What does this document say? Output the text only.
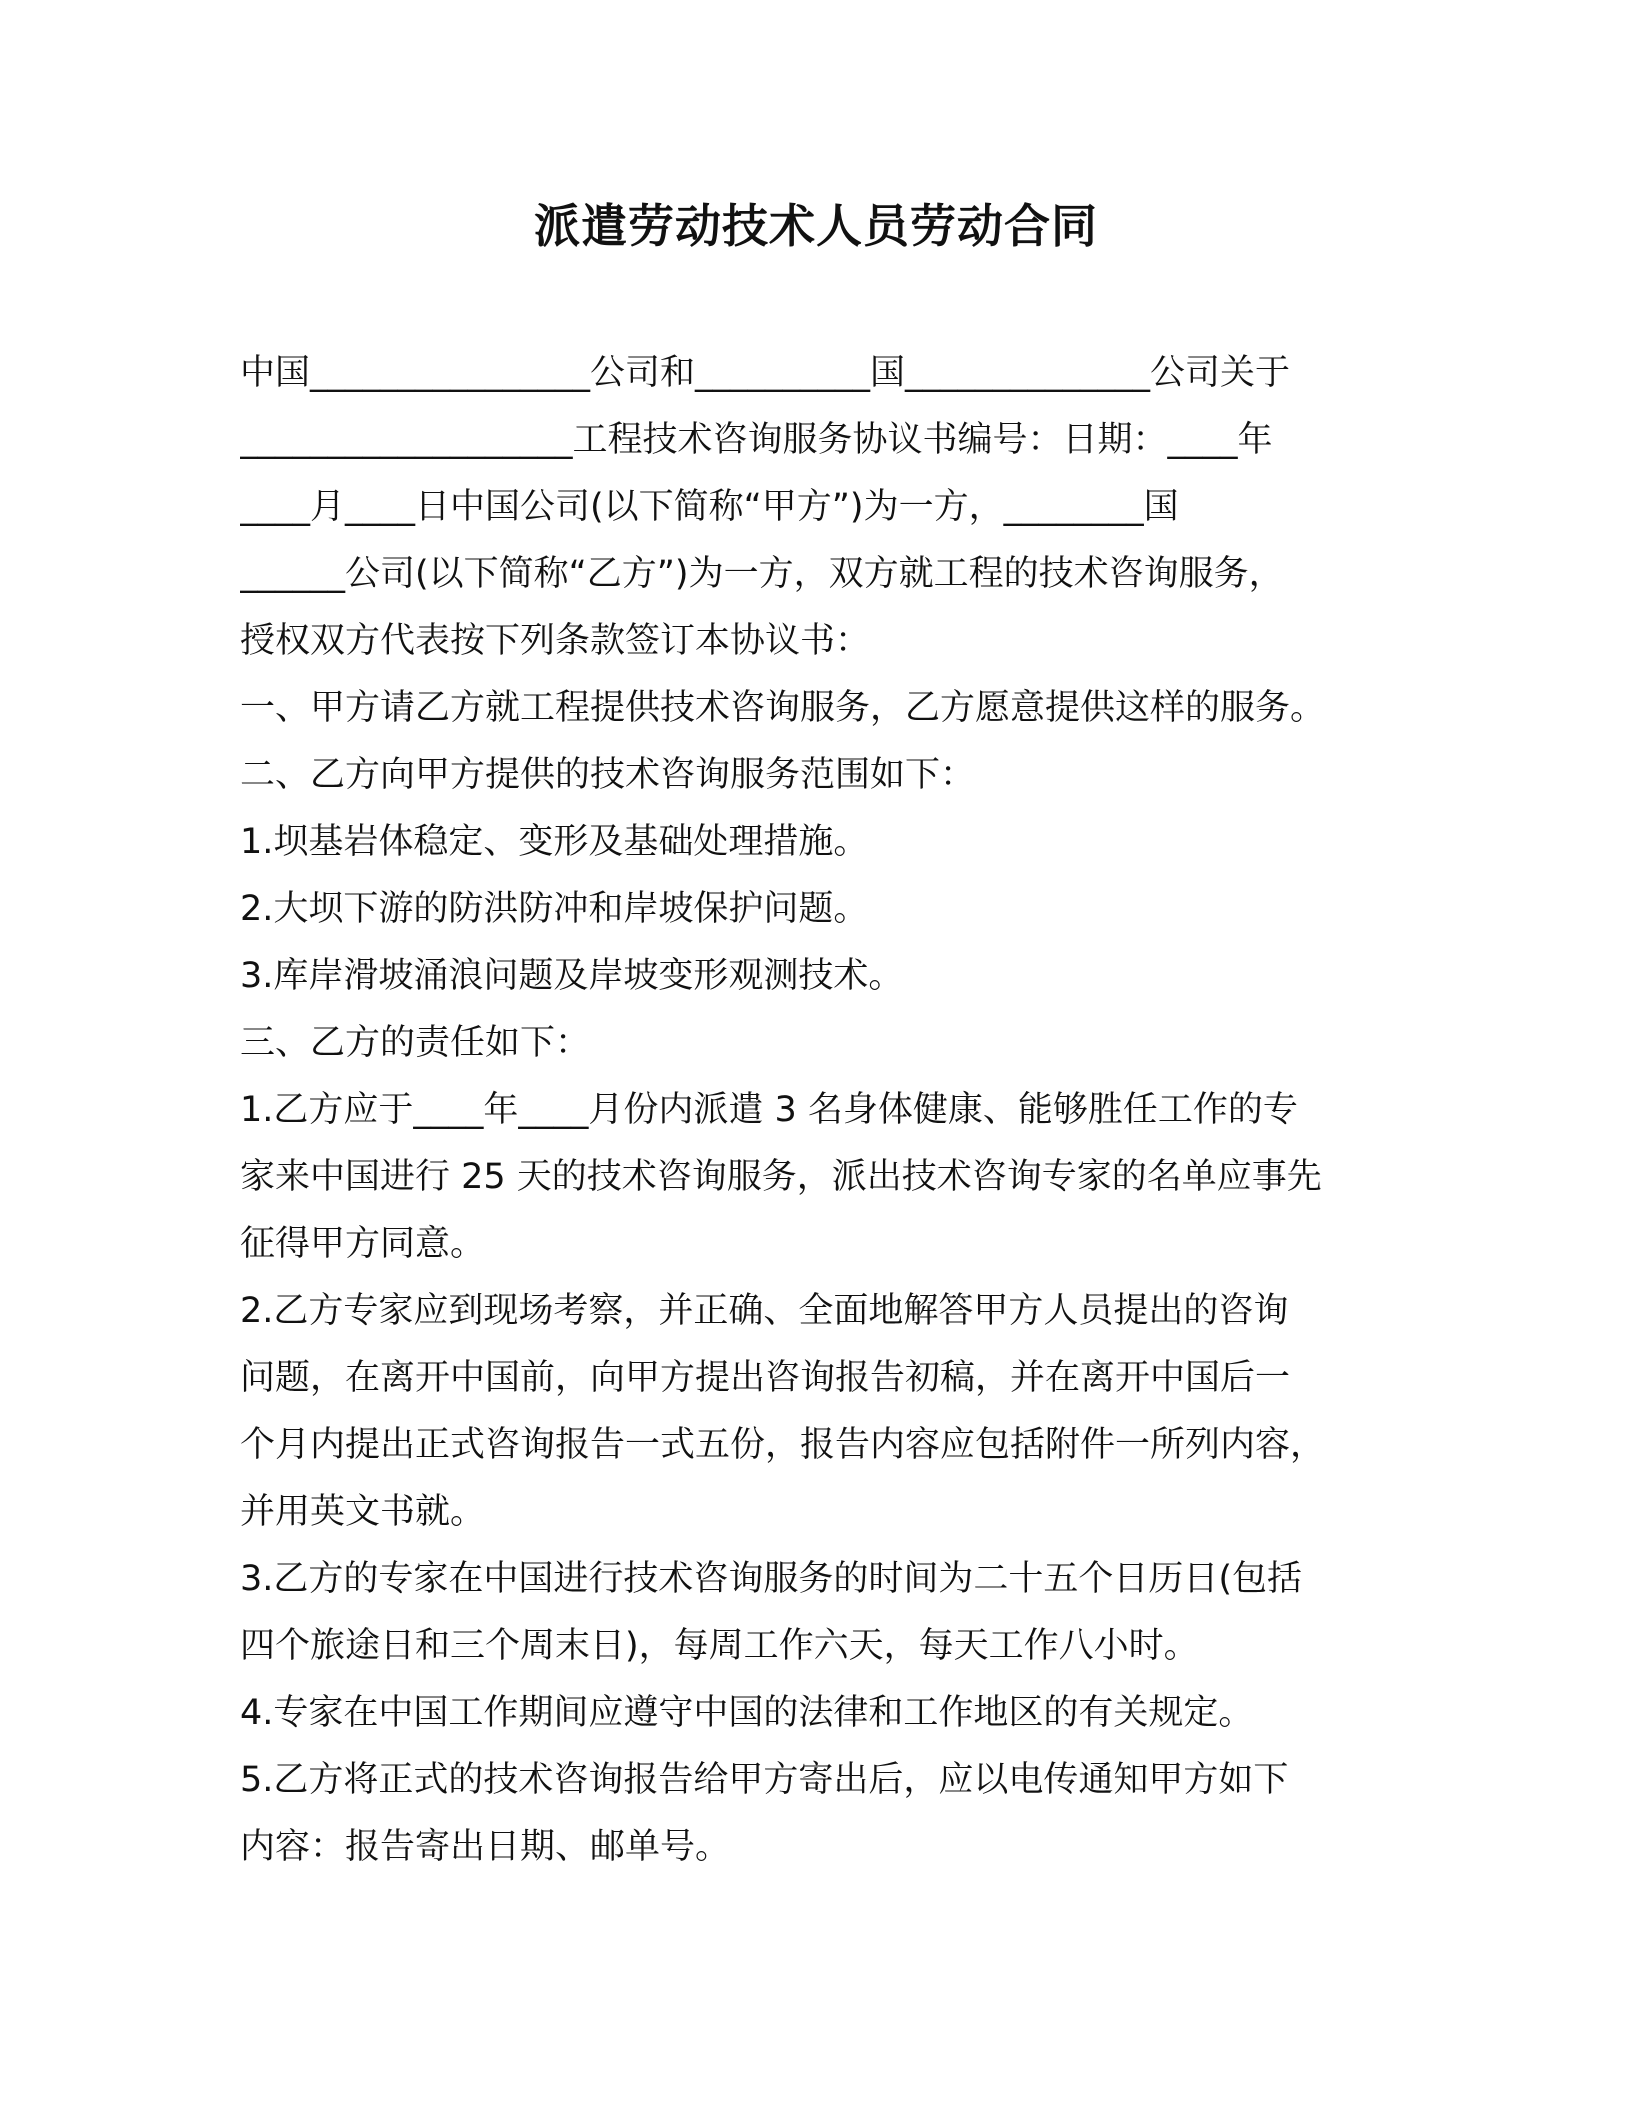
派遣劳动技术人员劳动合同
中国________________公司和__________国______________公司关于
___________________工程技术咨询服务协议书编号：日期：____年
____月____日中国公司(以下简称“甲方”)为一方，________国
______公司(以下简称“乙方”)为一方，双方就工程的技术咨询服务，
授权双方代表按下列条款签订本协议书：
一、甲方请乙方就工程提供技术咨询服务，乙方愿意提供这样的服务。
二、乙方向甲方提供的技术咨询服务范围如下：
1.坝基岩体稳定、变形及基础处理措施。
2.大坝下游的防洪防冲和岸坡保护问题。
3.库岸滑坡涌浪问题及岸坡变形观测技术。
三、乙方的责任如下：
1.乙方应于____年____月份内派遣 3 名身体健康、能够胜任工作的专
家来中国进行 25 天的技术咨询服务，派出技术咨询专家的名单应事先
征得甲方同意。
2.乙方专家应到现场考察，并正确、全面地解答甲方人员提出的咨询
问题，在离开中国前，向甲方提出咨询报告初稿，并在离开中国后一
个月内提出正式咨询报告一式五份，报告内容应包括附件一所列内容，
并用英文书就。
3.乙方的专家在中国进行技术咨询服务的时间为二十五个日历日(包括
四个旅途日和三个周末日)，每周工作六天，每天工作八小时。
4.专家在中国工作期间应遵守中国的法律和工作地区的有关规定。
5.乙方将正式的技术咨询报告给甲方寄出后，应以电传通知甲方如下
内容：报告寄出日期、邮单号。
